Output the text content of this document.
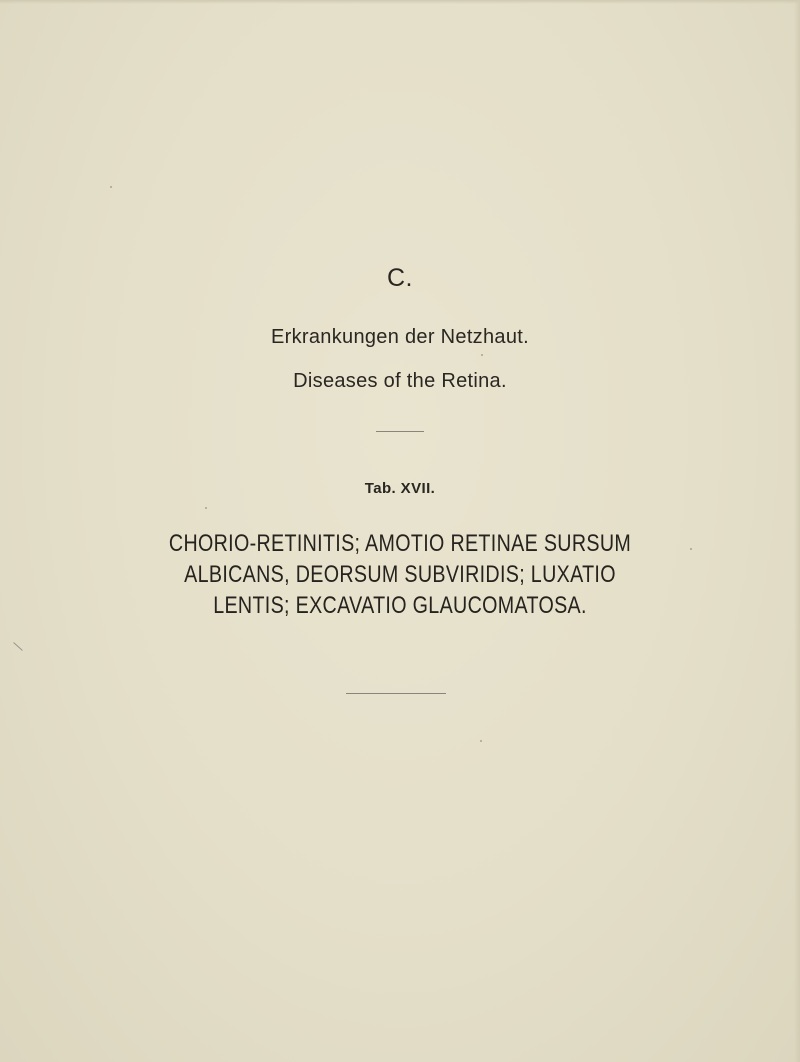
C.
Erkrankungen der Netzhaut.
Diseases of the Retina.
Tab. XVII.
CHORIO-RETINITIS; AMOTIO RETINAE SURSUM ALBICANS, DEORSUM SUBVIRIDIS; LUXATIO LENTIS; EXCAVATIO GLAUCOMATOSA.
